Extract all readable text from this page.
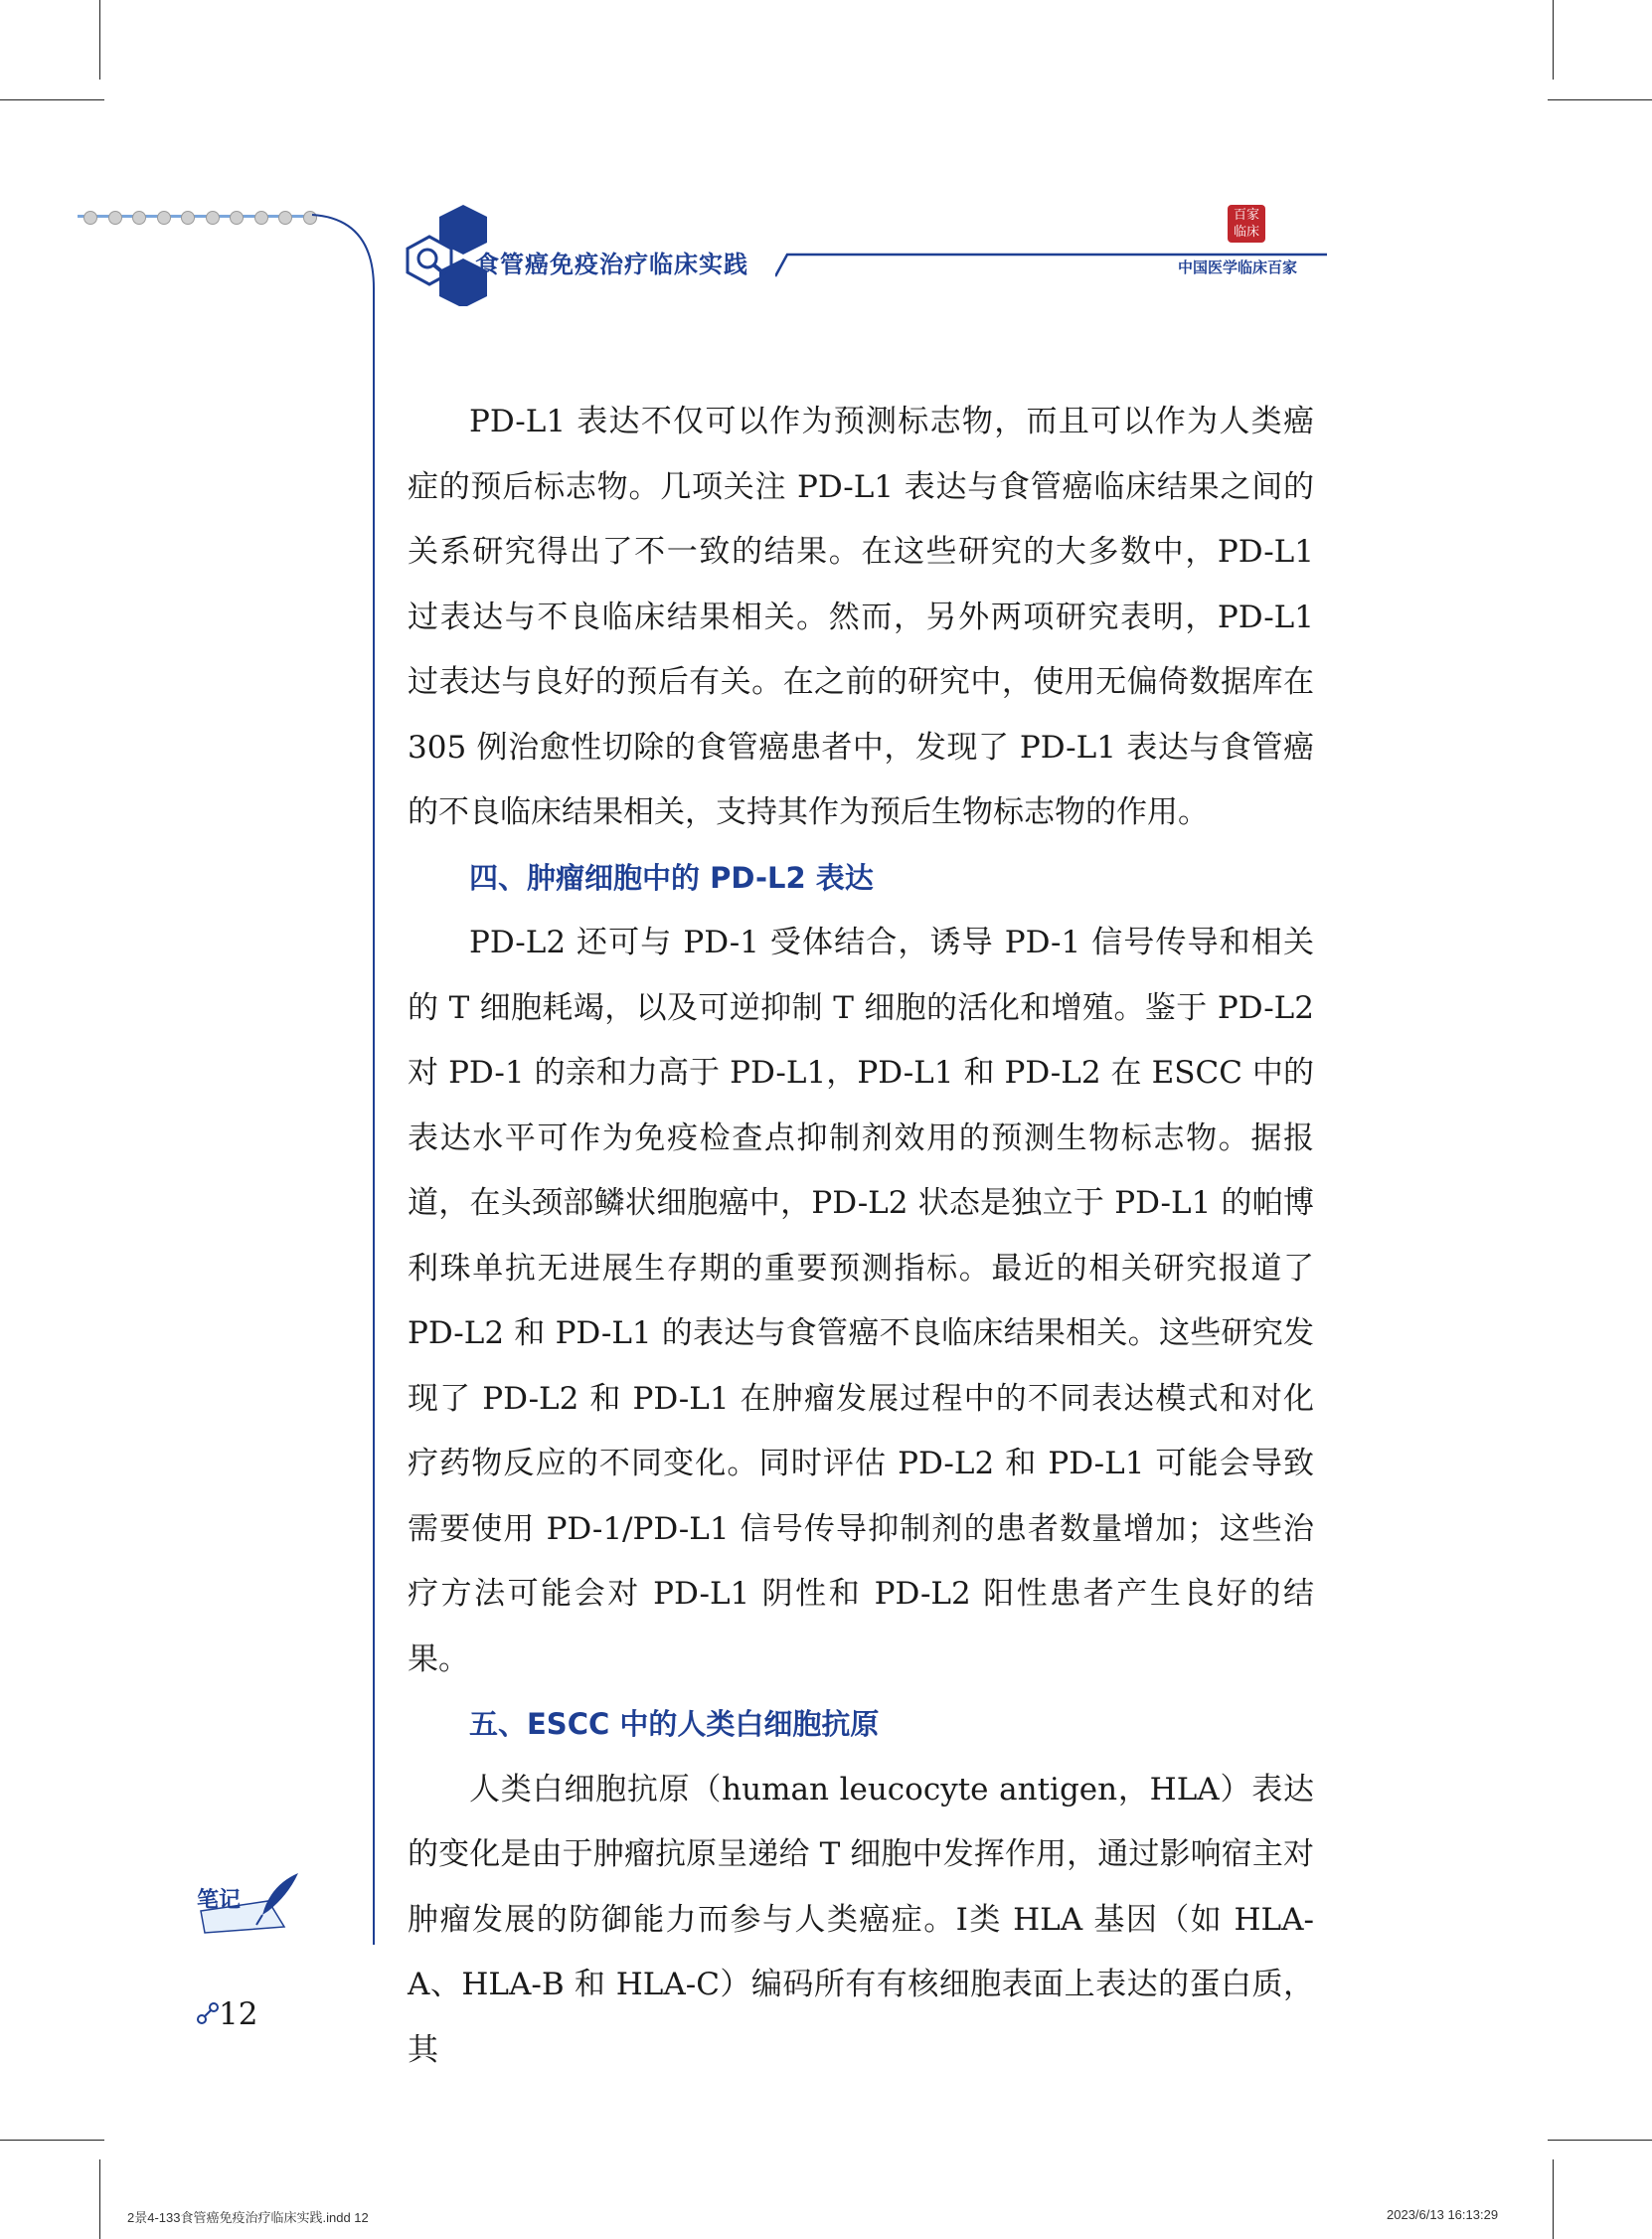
食管癌免疫治疗临床实践
百家临床
中国医学临床百家

PD-L1 表达不仅可以作为预测标志物，而且可以作为人类癌症的预后标志物。几项关注 PD-L1 表达与食管癌临床结果之间的关系研究得出了不一致的结果。在这些研究的大多数中，PD-L1 过表达与不良临床结果相关。然而，另外两项研究表明，PD-L1 过表达与良好的预后有关。在之前的研究中，使用无偏倚数据库在 305 例治愈性切除的食管癌患者中，发现了 PD-L1 表达与食管癌的不良临床结果相关，支持其作为预后生物标志物的作用。

四、肿瘤细胞中的 PD-L2 表达

PD-L2 还可与 PD-1 受体结合，诱导 PD-1 信号传导和相关的 T 细胞耗竭，以及可逆抑制 T 细胞的活化和增殖。鉴于 PD-L2 对 PD-1 的亲和力高于 PD-L1，PD-L1 和 PD-L2 在 ESCC 中的表达水平可作为免疫检查点抑制剂效用的预测生物标志物。据报道，在头颈部鳞状细胞癌中，PD-L2 状态是独立于 PD-L1 的帕博利珠单抗无进展生存期的重要预测指标。最近的相关研究报道了 PD-L2 和 PD-L1 的表达与食管癌不良临床结果相关。这些研究发现了 PD-L2 和 PD-L1 在肿瘤发展过程中的不同表达模式和对化疗药物反应的不同变化。同时评估 PD-L2 和 PD-L1 可能会导致需要使用 PD-1/PD-L1 信号传导抑制剂的患者数量增加；这些治疗方法可能会对 PD-L1 阴性和 PD-L2 阳性患者产生良好的结果。

五、ESCC 中的人类白细胞抗原

人类白细胞抗原（human leucocyte antigen，HLA）表达的变化是由于肿瘤抗原呈递给 T 细胞中发挥作用，通过影响宿主对肿瘤发展的防御能力而参与人类癌症。Ⅰ类 HLA 基因（如 HLA-A、HLA-B 和 HLA-C）编码所有有核细胞表面上表达的蛋白质，其

笔记
12
2景4-133食管癌免疫治疗临床实践.indd 12	2023/6/13 16:13:29
